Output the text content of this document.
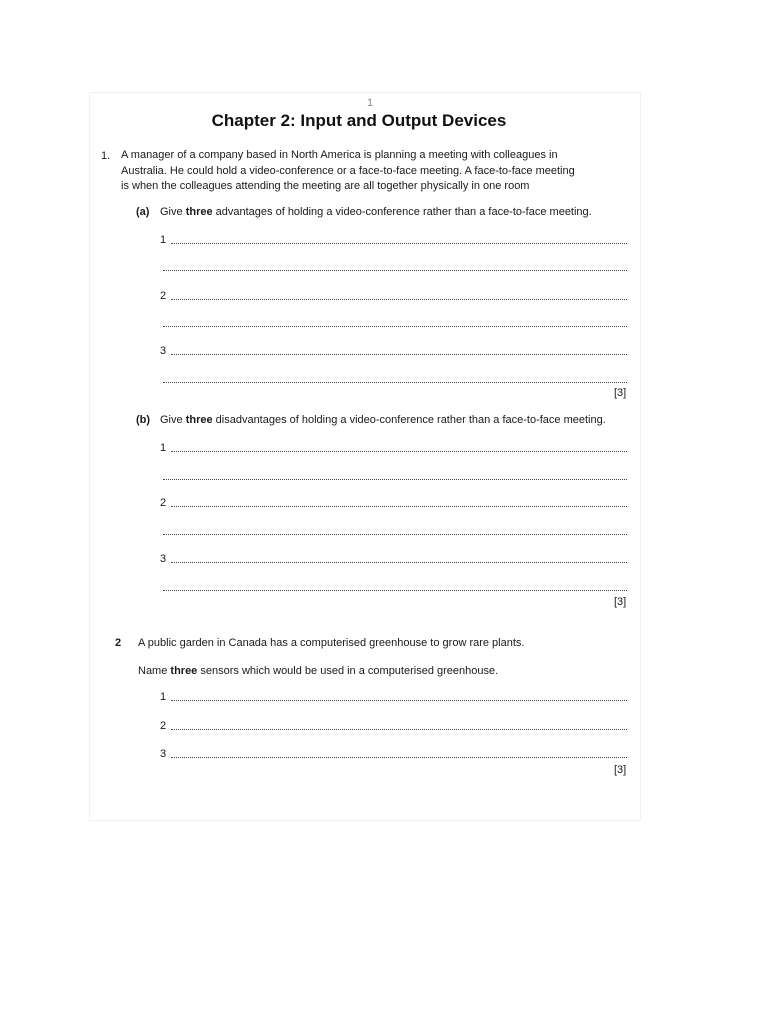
1
Chapter 2: Input and Output Devices
1. A manager of a company based in North America is planning a meeting with colleagues in Australia. He could hold a video-conference or a face-to-face meeting. A face-to-face meeting is when the colleagues attending the meeting are all together physically in one room
(a) Give three advantages of holding a video-conference rather than a face-to-face meeting.
1
2
3
[3]
(b) Give three disadvantages of holding a video-conference rather than a face-to-face meeting.
1
2
3
[3]
2 A public garden in Canada has a computerised greenhouse to grow rare plants.
Name three sensors which would be used in a computerised greenhouse.
1
2
3
[3]
